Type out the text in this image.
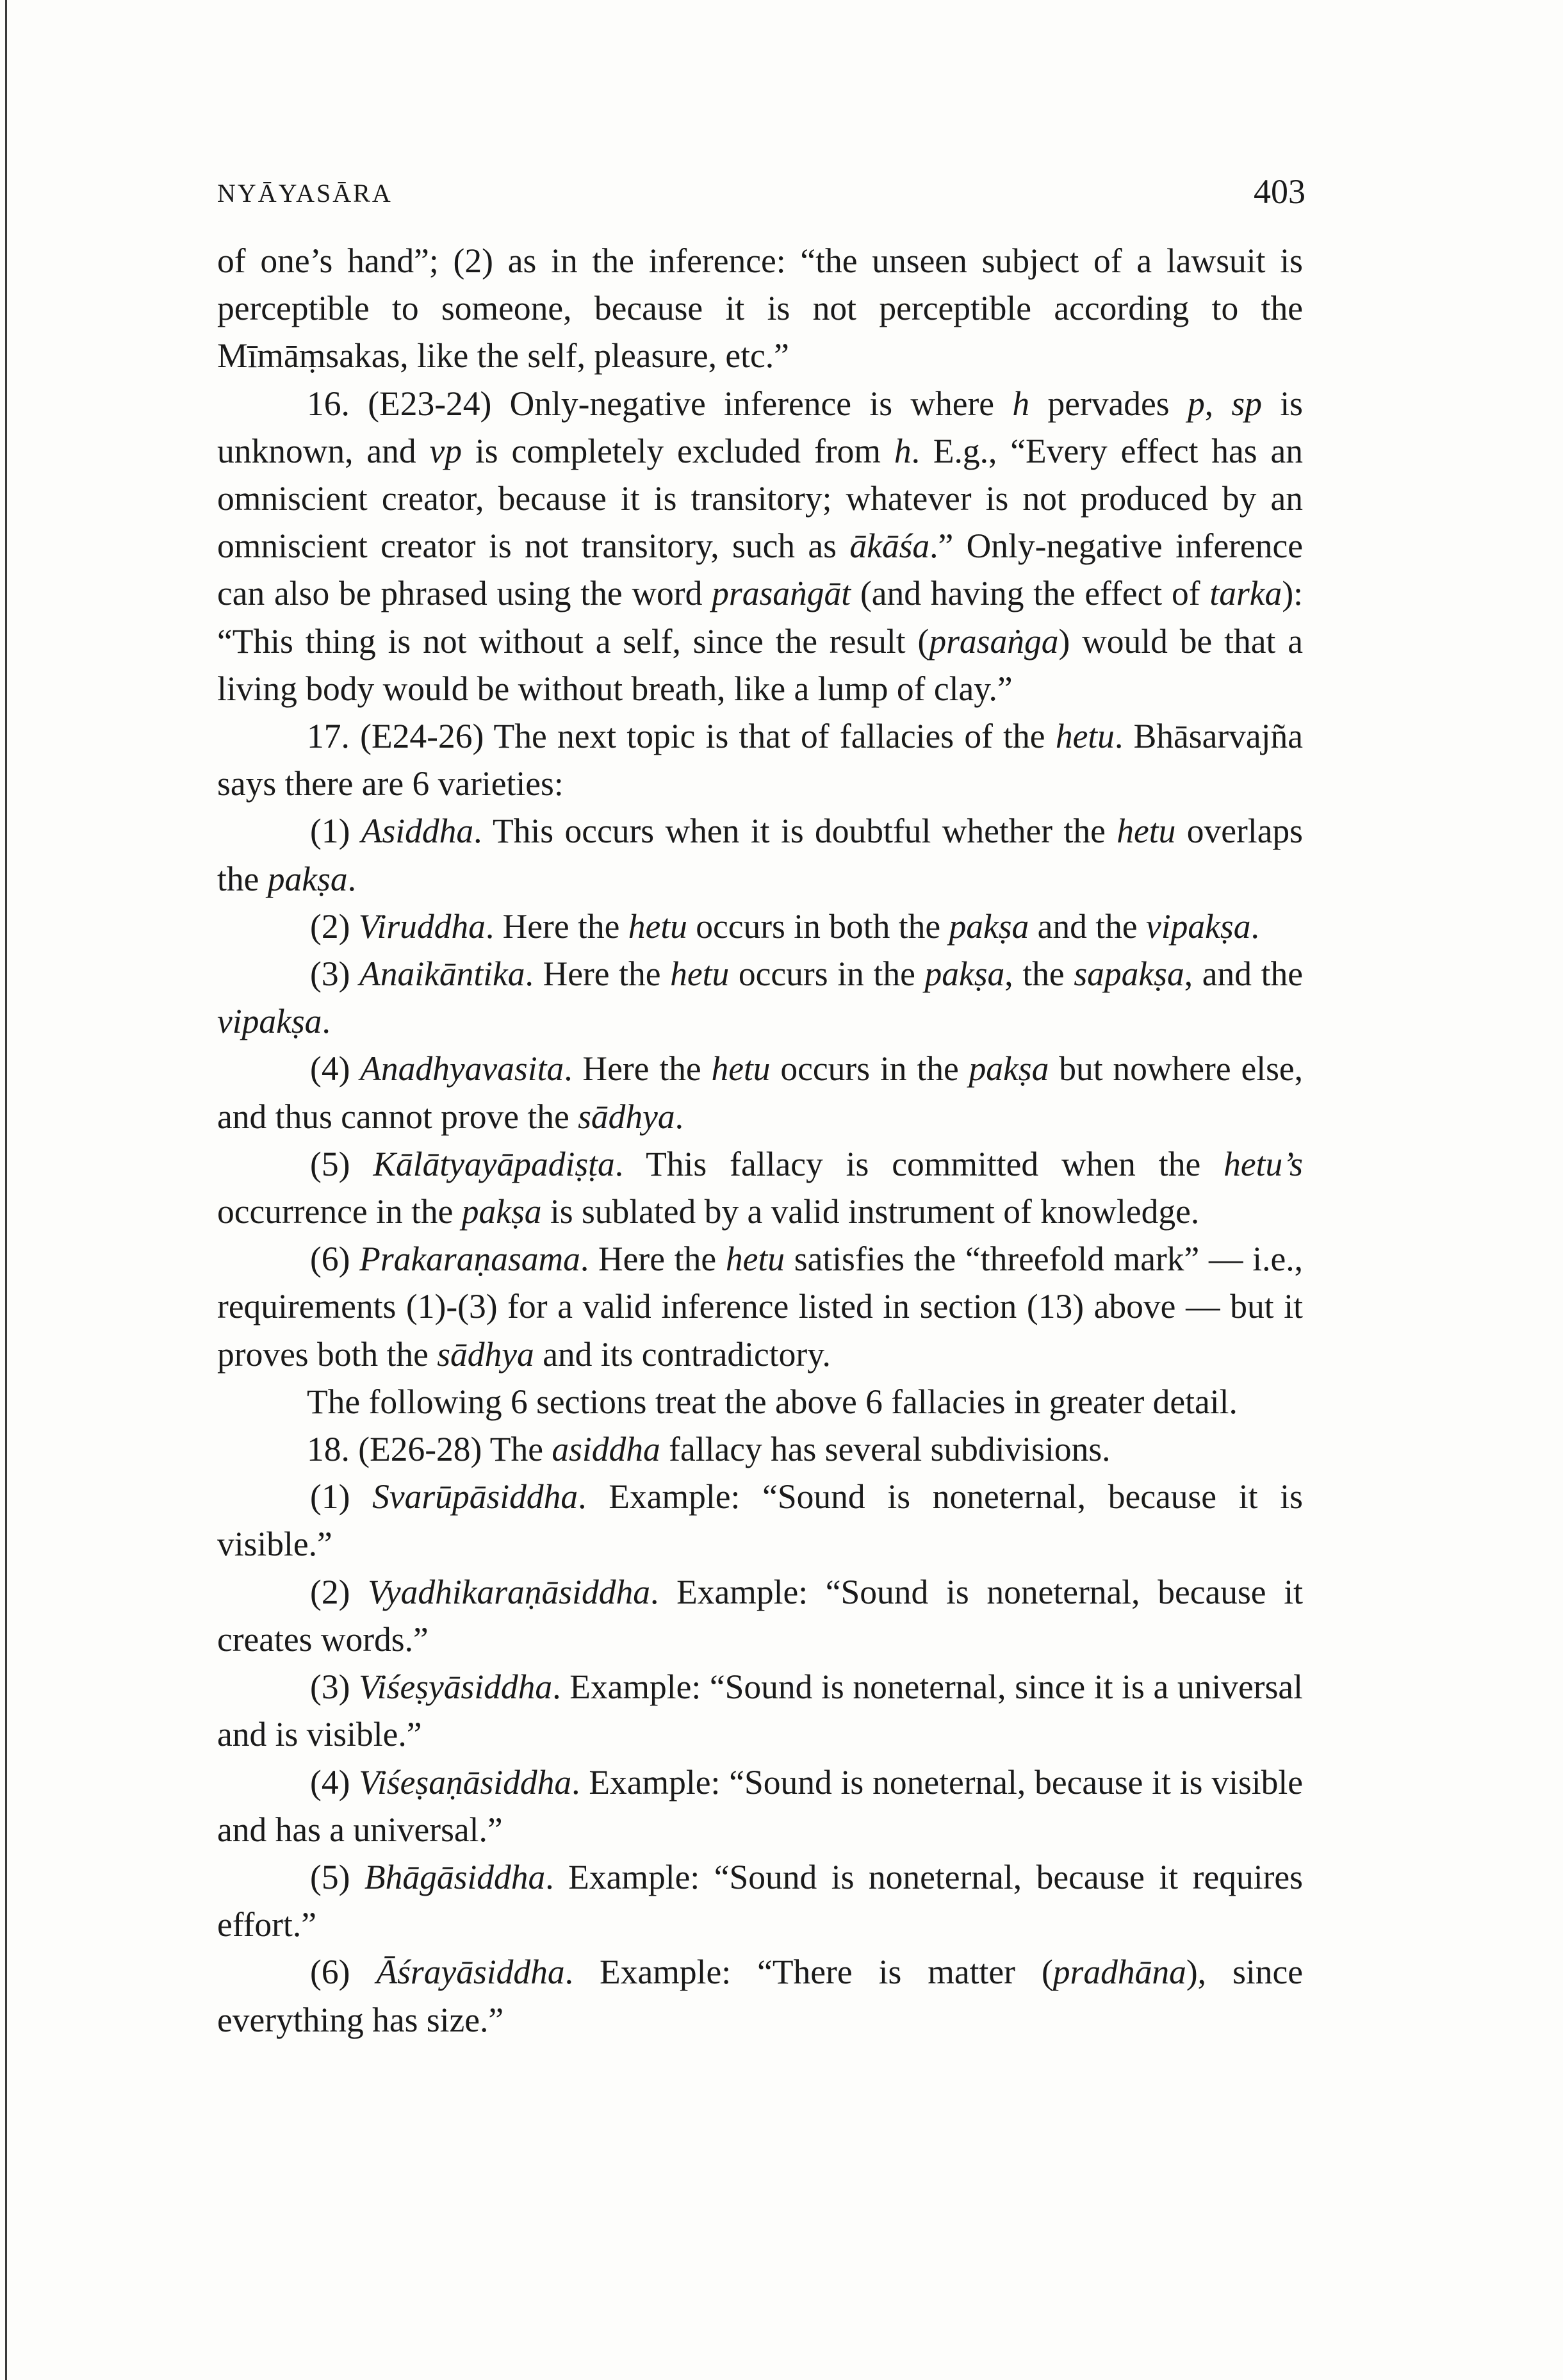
NYĀYASĀRA	403

of one’s hand”; (2) as in the inference: “the unseen subject of a lawsuit is perceptible to someone, because it is not perceptible according to the Mīmāṃsakas, like the self, pleasure, etc.”

16. (E23-24) Only-negative inference is where h pervades p, sp is unknown, and vp is completely excluded from h. E.g., “Every effect has an omniscient creator, because it is transitory; whatever is not produced by an omniscient creator is not transitory, such as ākāśa.” Only-negative inference can also be phrased using the word prasaṅgāt (and having the effect of tarka): “This thing is not without a self, since the result (prasaṅga) would be that a living body would be without breath, like a lump of clay.”

17. (E24-26) The next topic is that of fallacies of the hetu. Bhāsarvajña says there are 6 varieties:

(1) Asiddha. This occurs when it is doubtful whether the hetu overlaps the pakṣa.

(2) Viruddha. Here the hetu occurs in both the pakṣa and the vipakṣa.

(3) Anaikāntika. Here the hetu occurs in the pakṣa, the sapakṣa, and the vipakṣa.

(4) Anadhyavasita. Here the hetu occurs in the pakṣa but nowhere else, and thus cannot prove the sādhya.

(5) Kālātyayāpadiṣṭa. This fallacy is committed when the hetu’s occurrence in the pakṣa is sublated by a valid instrument of knowledge.

(6) Prakaraṇasama. Here the hetu satisfies the “threefold mark” — i.e., requirements (1)-(3) for a valid inference listed in section (13) above — but it proves both the sādhya and its contradictory.

The following 6 sections treat the above 6 fallacies in greater detail.

18. (E26-28) The asiddha fallacy has several subdivisions.

(1) Svarūpāsiddha. Example: “Sound is noneternal, because it is visible.”

(2) Vyadhikaraṇāsiddha. Example: “Sound is noneternal, because it creates words.”

(3) Viśeṣyāsiddha. Example: “Sound is noneternal, since it is a universal and is visible.”

(4) Viśeṣaṇāsiddha. Example: “Sound is noneternal, because it is visible and has a universal.”

(5) Bhāgāsiddha. Example: “Sound is noneternal, because it requires effort.”

(6) Āśrayāsiddha. Example: “There is matter (pradhāna), since everything has size.”
